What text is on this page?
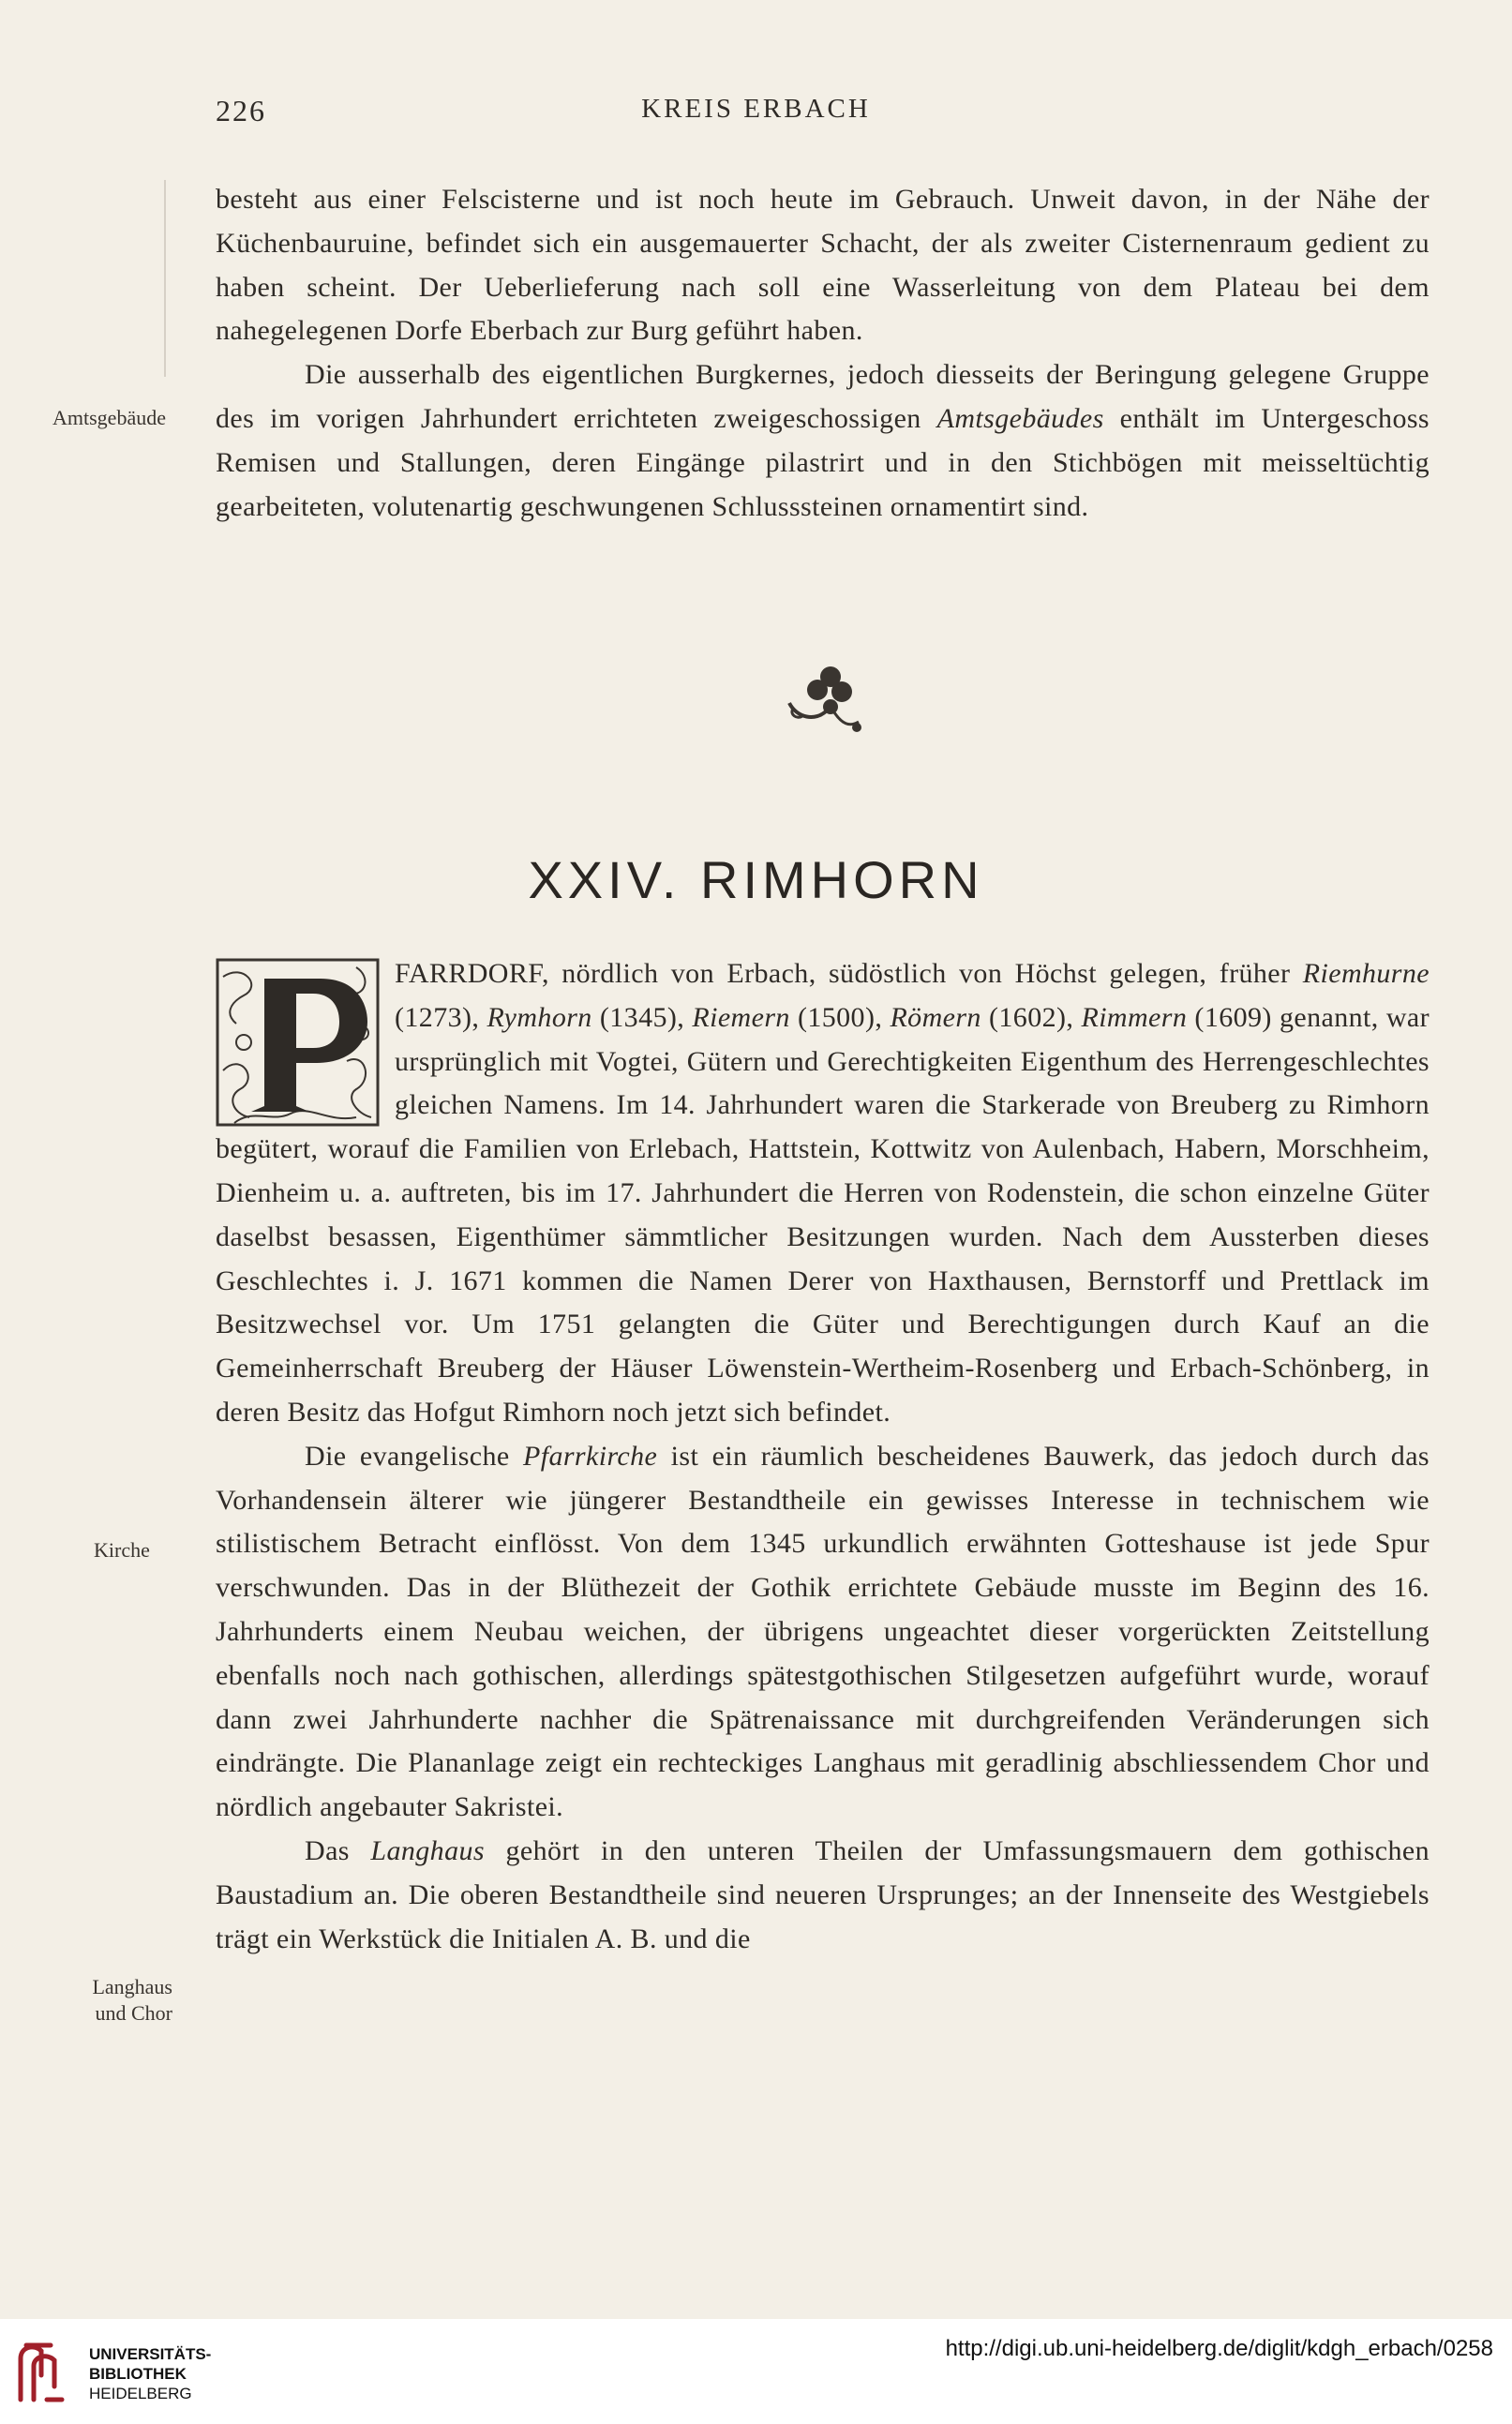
226	KREIS ERBACH
Amtsgebäude
Kirche
Langhaus
und Chor

besteht aus einer Felscisterne und ist noch heute im Gebrauch. Unweit davon, in der Nähe der Küchenbauruine, befindet sich ein ausgemauerter Schacht, der als zweiter Cisternenraum gedient zu haben scheint. Der Ueberlieferung nach soll eine Wasserleitung von dem Plateau bei dem nahegelegenen Dorfe Eberbach zur Burg geführt haben.

Die ausserhalb des eigentlichen Burgkernes, jedoch diesseits der Beringung gelegene Gruppe des im vorigen Jahrhundert errichteten zweigeschossigen Amtsgebäudes enthält im Untergeschoss Remisen und Stallungen, deren Eingänge pilastrirt und in den Stichbögen mit meisseltüchtig gearbeiteten, volutenartig geschwungenen Schlusssteinen ornamentirt sind.

XXIV. RIMHORN

FARRDORF, nördlich von Erbach, südöstlich von Höchst gelegen, früher Riemhurne (1273), Rymhorn (1345), Riemern (1500), Römern (1602), Rimmern (1609) genannt, war ursprünglich mit Vogtei, Gütern und Gerechtigkeiten Eigenthum des Herrengeschlechtes gleichen Namens. Im 14. Jahrhundert waren die Starkerade von Breuberg zu Rimhorn begütert, worauf die Familien von Erlebach, Hattstein, Kottwitz von Aulenbach, Habern, Morschheim, Dienheim u. a. auftreten, bis im 17. Jahrhundert die Herren von Rodenstein, die schon einzelne Güter daselbst besassen, Eigenthümer sämmtlicher Besitzungen wurden. Nach dem Aussterben dieses Geschlechtes i. J. 1671 kommen die Namen Derer von Haxthausen, Bernstorff und Prettlack im Besitzwechsel vor. Um 1751 gelangten die Güter und Berechtigungen durch Kauf an die Gemeinherrschaft Breuberg der Häuser Löwenstein-Wertheim-Rosenberg und Erbach-Schönberg, in deren Besitz das Hofgut Rimhorn noch jetzt sich befindet.

Die evangelische Pfarrkirche ist ein räumlich bescheidenes Bauwerk, das jedoch durch das Vorhandensein älterer wie jüngerer Bestandtheile ein gewisses Interesse in technischem wie stilistischem Betracht einflösst. Von dem 1345 urkundlich erwähnten Gotteshause ist jede Spur verschwunden. Das in der Blüthezeit der Gothik errichtete Gebäude musste im Beginn des 16. Jahrhunderts einem Neubau weichen, der übrigens ungeachtet dieser vorgerückten Zeitstellung ebenfalls noch nach gothischen, allerdings spätestgothischen Stilgesetzen aufgeführt wurde, worauf dann zwei Jahrhunderte nachher die Spätrenaissance mit durchgreifenden Veränderungen sich eindrängte. Die Plananlage zeigt ein rechteckiges Langhaus mit geradlinig abschliessendem Chor und nördlich angebauter Sakristei.

Das Langhaus gehört in den unteren Theilen der Umfassungsmauern dem gothischen Baustadium an. Die oberen Bestandtheile sind neueren Ursprunges; an der Innenseite des Westgiebels trägt ein Werkstück die Initialen A. B. und die

UNIVERSITÄTS-
BIBLIOTHEK
HEIDELBERG
http://digi.ub.uni-heidelberg.de/diglit/kdgh_erbach/0258
